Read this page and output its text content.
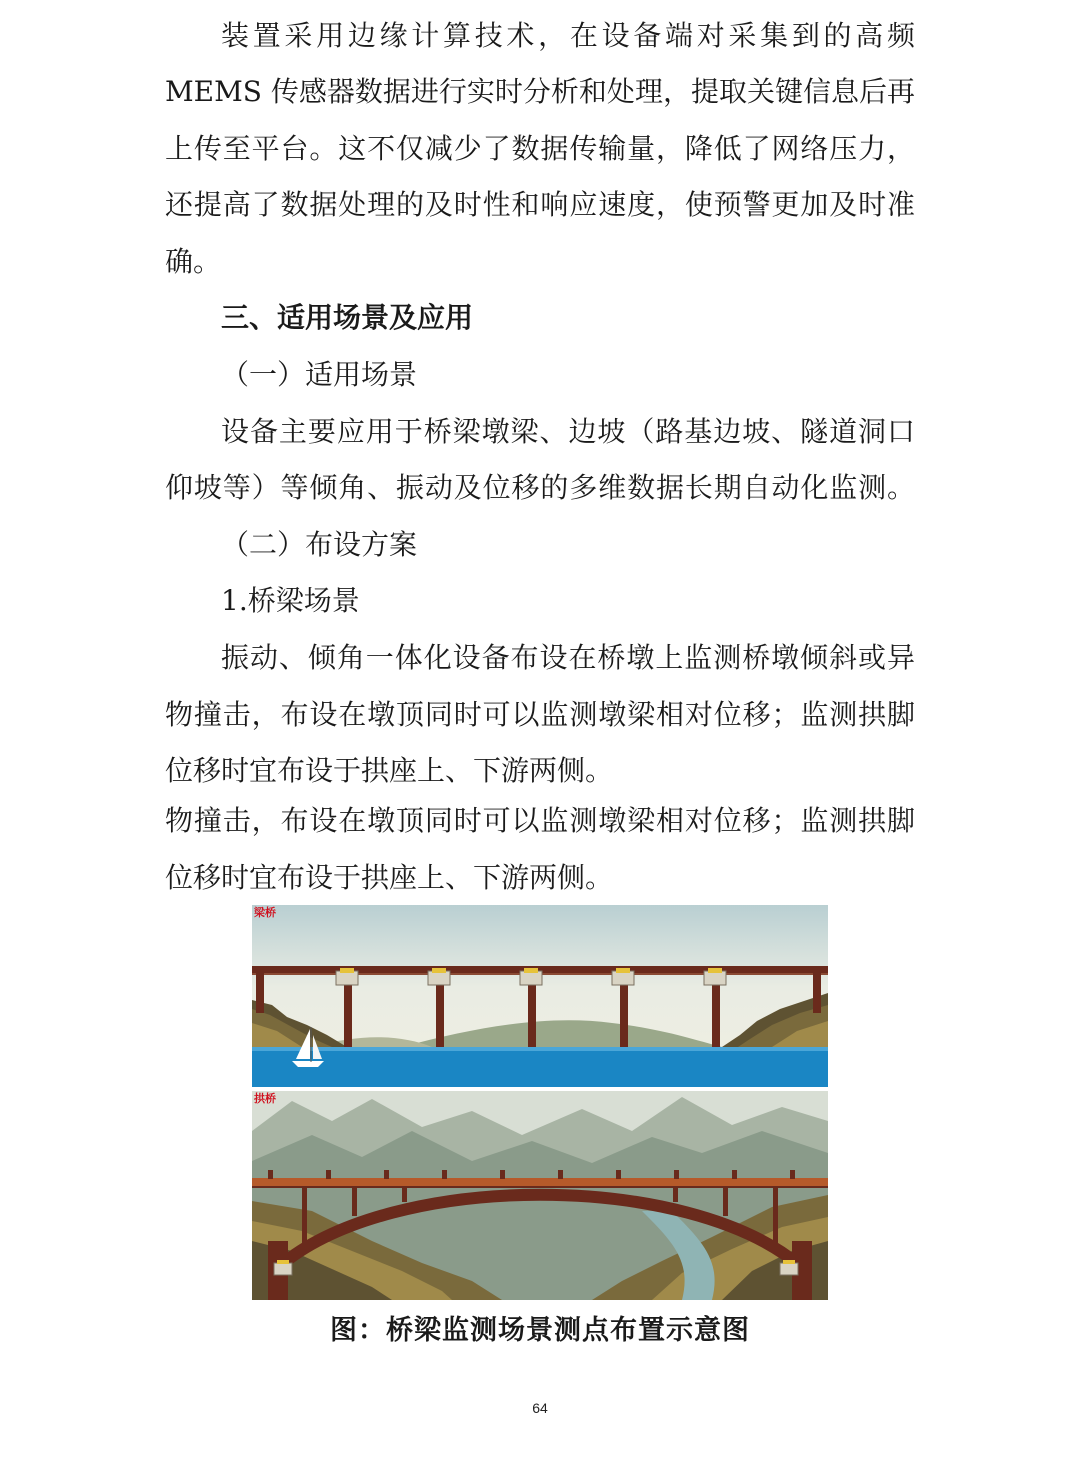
装置采用边缘计算技术，在设备端对采集到的高频
MEMS 传感器数据进行实时分析和处理，提取关键信息后再
上传至平台。这不仅减少了数据传输量，降低了网络压力，
还提高了数据处理的及时性和响应速度，使预警更加及时准
确。
三、适用场景及应用
（一）适用场景
设备主要应用于桥梁墩梁、边坡（路基边坡、隧道洞口
仰坡等）等倾角、振动及位移的多维数据长期自动化监测。
（二）布设方案
1.桥梁场景
振动、倾角一体化设备布设在桥墩上监测桥墩倾斜或异
物撞击，布设在墩顶同时可以监测墩梁相对位移；监测拱脚
位移时宜布设于拱座上、下游两侧。
物撞击，布设在墩顶同时可以监测墩梁相对位移；监测拱脚
位移时宜布设于拱座上、下游两侧。
梁桥
拱桥
图：桥梁监测场景测点布置示意图
64
